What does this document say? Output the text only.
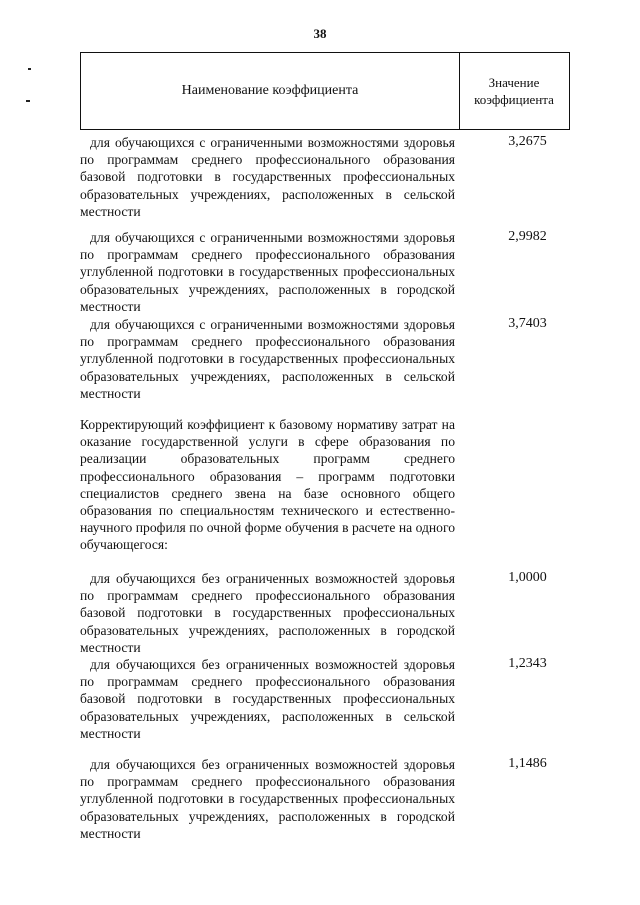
38
Наименование коэффициента
Значение
коэффициента
для обучающихся с ограниченными возможностями здоровья по программам среднего профессионального образования базовой подготовки в государственных профессиональных образовательных учреждениях, расположенных в сельской местности
3,2675
для обучающихся с ограниченными возможностями здоровья по программам среднего профессионального образования углубленной подготовки в государственных профессиональных образовательных учреждениях, расположенных в городской местности
2,9982
для обучающихся с ограниченными возможностями здоровья по программам среднего профессионального образования углубленной подготовки в государственных профессиональных образовательных учреждениях, расположенных в сельской местности
3,7403
Корректирующий коэффициент к базовому нормативу затрат на оказание государственной услуги в сфере образования по реализации образовательных программ среднего профессионального образования – программ подготовки специалистов среднего звена на базе основного общего образования по специальностям технического и естественно-научного профиля по очной форме обучения в расчете на одного обучающегося:
для обучающихся без ограниченных возможностей здоровья по программам среднего профессионального образования базовой подготовки в государственных профессиональных образовательных учреждениях, расположенных в городской местности
1,0000
для обучающихся без ограниченных возможностей здоровья по программам среднего профессионального образования базовой подготовки в государственных профессиональных образовательных учреждениях, расположенных в сельской местности
1,2343
для обучающихся без ограниченных возможностей здоровья по программам среднего профессионального образования углубленной подготовки в государственных профессиональных образовательных учреждениях, расположенных в городской местности
1,1486
